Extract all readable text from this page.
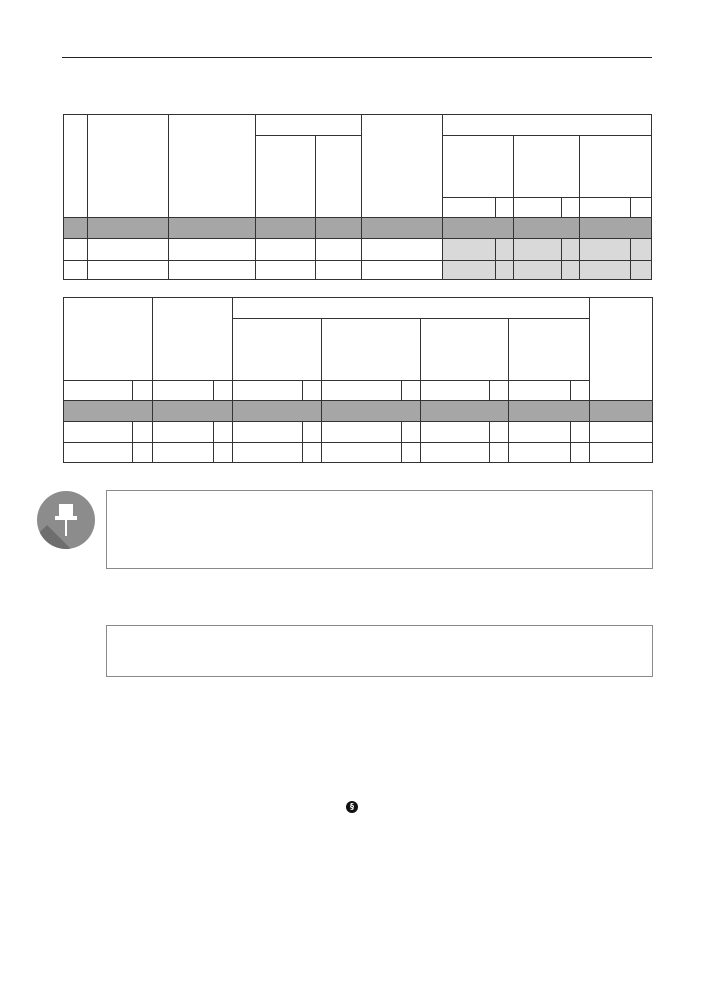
§
